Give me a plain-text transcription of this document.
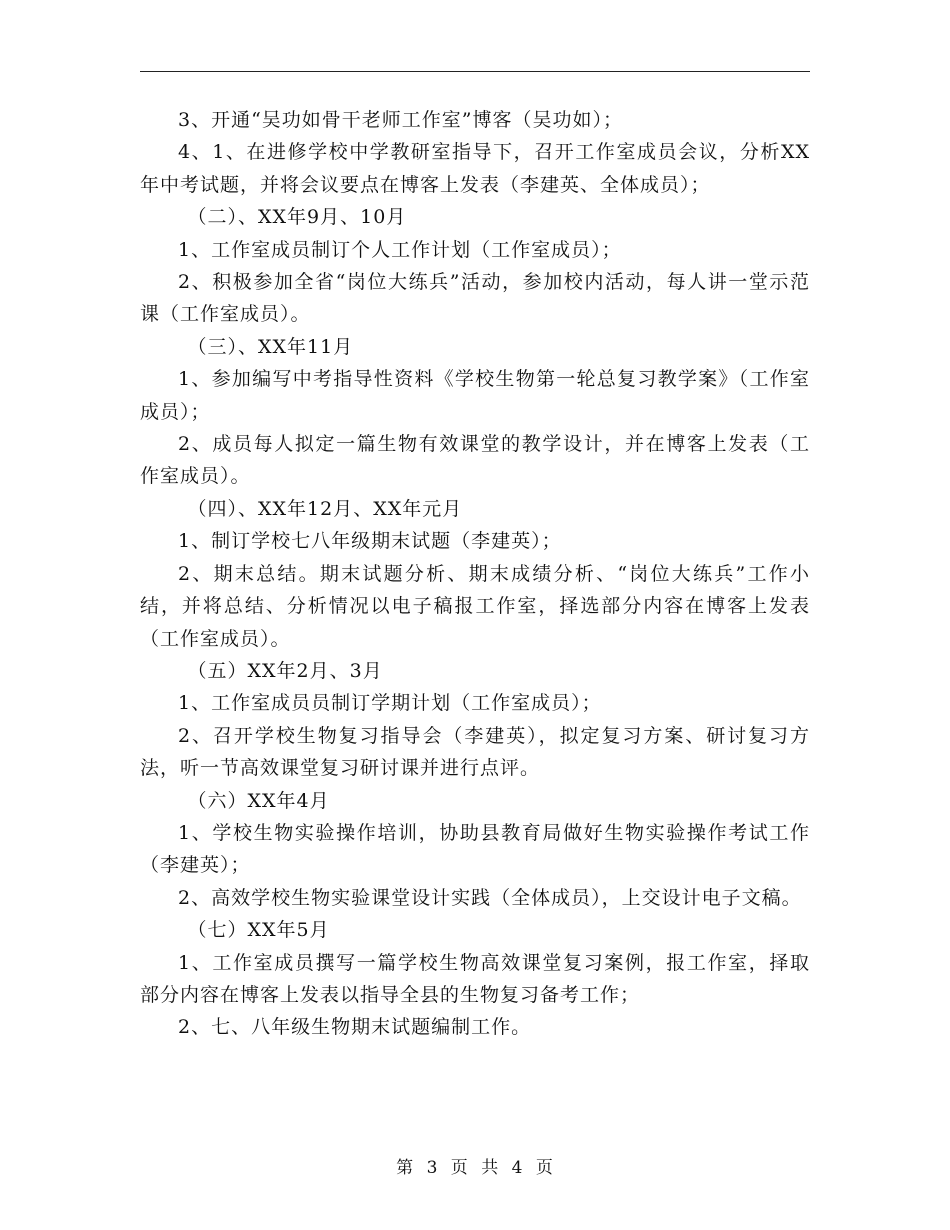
3、开通“吴功如骨干老师工作室”博客（吴功如）；

4、1、在进修学校中学教研室指导下，召开工作室成员会议，分析XX年中考试题，并将会议要点在博客上发表（李建英、全体成员）；

（二）、XX年9月、10月

1、工作室成员制订个人工作计划（工作室成员）；

2、积极参加全省“岗位大练兵”活动，参加校内活动，每人讲一堂示范课（工作室成员）。

（三）、XX年11月

1、参加编写中考指导性资料《学校生物第一轮总复习教学案》（工作室成员）；

2、成员每人拟定一篇生物有效课堂的教学设计，并在博客上发表（工作室成员）。

（四）、XX年12月、XX年元月

1、制订学校七八年级期末试题（李建英）；

2、期末总结。期末试题分析、期末成绩分析、“岗位大练兵”工作小结，并将总结、分析情况以电子稿报工作室，择选部分内容在博客上发表（工作室成员）。

（五）XX年2月、3月

1、工作室成员员制订学期计划（工作室成员）；

2、召开学校生物复习指导会（李建英），拟定复习方案、研讨复习方法，听一节高效课堂复习研讨课并进行点评。

（六）XX年4月

1、学校生物实验操作培训，协助县教育局做好生物实验操作考试工作（李建英）；

2、高效学校生物实验课堂设计实践（全体成员），上交设计电子文稿。

（七）XX年5月

1、工作室成员撰写一篇学校生物高效课堂复习案例，报工作室，择取部分内容在博客上发表以指导全县的生物复习备考工作；

2、七、八年级生物期末试题编制工作。

第 3 页 共 4 页
